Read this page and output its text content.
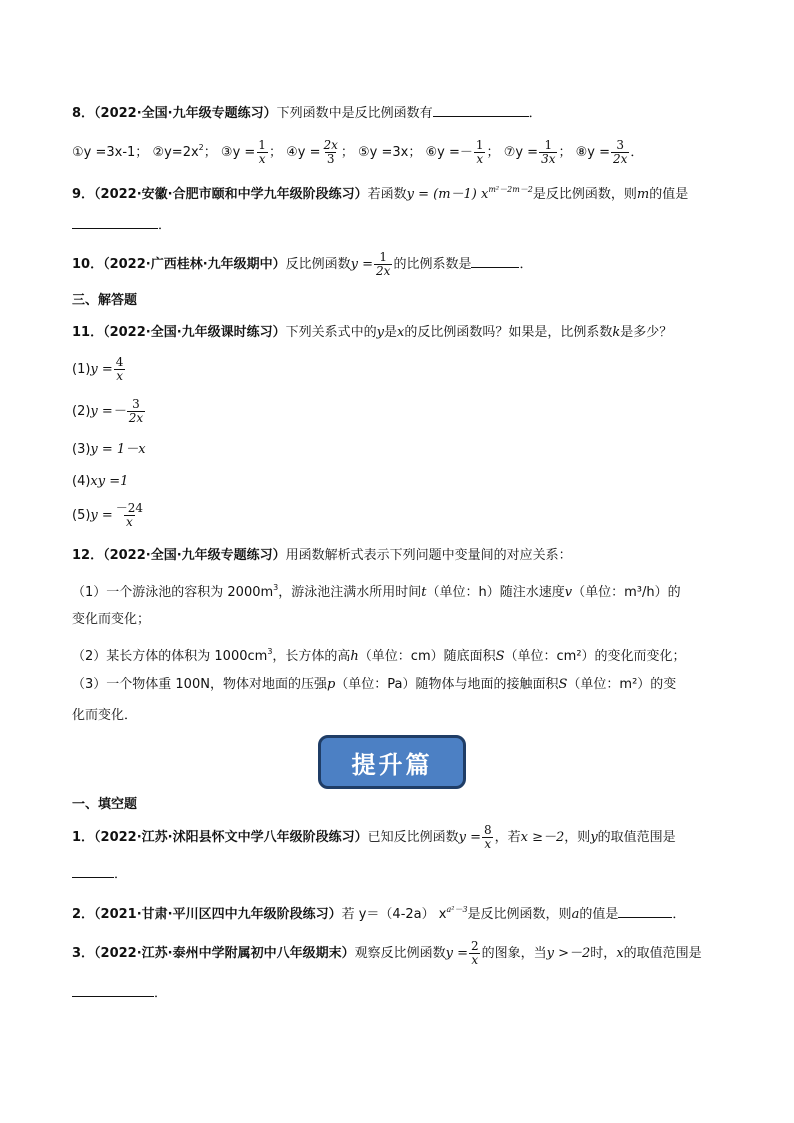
8．（2022·全国·九年级专题练习）下列函数中是反比例函数有	．
①y =3x-1； $②y=2x^2$； ③y = $\frac{1}{x}$ ； ④y = $\frac{2x}{3}$ ； ⑤y =3x； ⑥y =－ $\frac{1}{x}$ ； ⑦y = $\frac{1}{3x}$ ； ⑧y = $\frac{3}{2x}$ ．
9．（2022·安徽·合肥市颐和中学九年级阶段练习）若函数y = (m－1) $x^{m^2-2m-2}$是反比例函数，则m的值是
．
10．（2022·广西桂林·九年级期中）反比例函数$y = \frac{1}{2x}$ 的比例系数是	．
三、解答题
11．（2022·全国·九年级课时练习）下列关系式中的y是x的反比例函数吗？如果是，比例系数k是多少？
$(1)y = \frac{4}{x}$
$(2)y =- \frac{3}{2x}$
(3)y = 1－x
(4)xy =1
$(5)y = \frac{-24}{x}$
12．（2022·全国·九年级专题练习）用函数解析式表示下列问题中变量间的对应关系：
（1）一个游泳池的容积为 $2000m^3$，游泳池注满水所用时间t（单位：h）随注水速度v（单位：m³/h）的
变化而变化；
（2）某长方体的体积为 $1000cm^3$，长方体的高h（单位：cm）随底面积S（单位：cm²）的变化而变化；
（3）一个物体重 100N，物体对地面的压强p（单位：Pa）随物体与地面的接触面积S（单位：m²）的变
化而变化．
提升篇
一、填空题
1．（2022·江苏·沭阳县怀文中学八年级阶段练习）已知反比例函数$y = \frac{8}{x}$ ，若x ≥－2，则y的取值范围是
．
2．（2021·甘肃·平川区四中九年级阶段练习）若 y＝（4-2a） $x^{a^2-3}$是反比例函数，则a的值是	．
3．（2022·江苏·泰州中学附属初中八年级期末）观察反比例函数$y = \frac{2}{x}$ 的图象，当y >－2时，x的取值范围是
．
